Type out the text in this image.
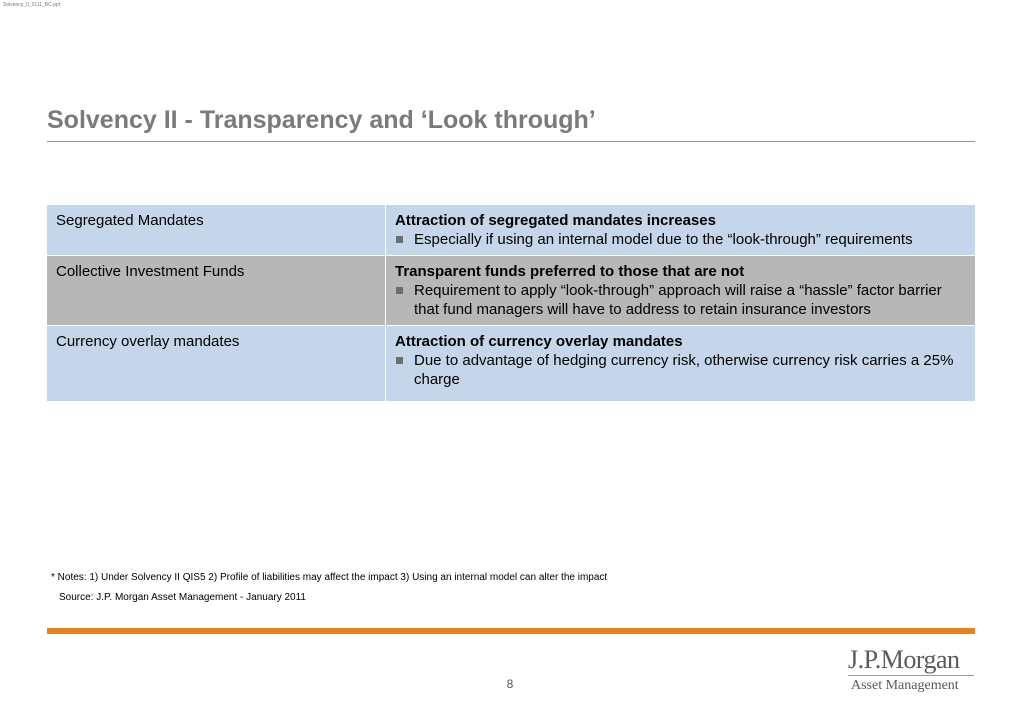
Solvency_II_0111_BC.ppt
Solvency II - Transparency and ‘Look through’
Segregated Mandates	Attraction of segregated mandates increases
Especially if using an internal model due to the “look-through” requirements
Collective Investment Funds	Transparent funds preferred to those that are not
Requirement to apply “look-through” approach will raise a “hassle” factor barrier that fund managers will have to address to retain insurance investors
Currency overlay mandates	Attraction of currency overlay mandates
Due to advantage of hedging currency risk, otherwise currency risk carries a 25% charge
* Notes: 1) Under Solvency II QIS5 2) Profile of liabilities may affect the impact 3) Using an internal model can alter the impact
Source: J.P. Morgan Asset Management - January 2011
8
J.P.Morgan
Asset Management
